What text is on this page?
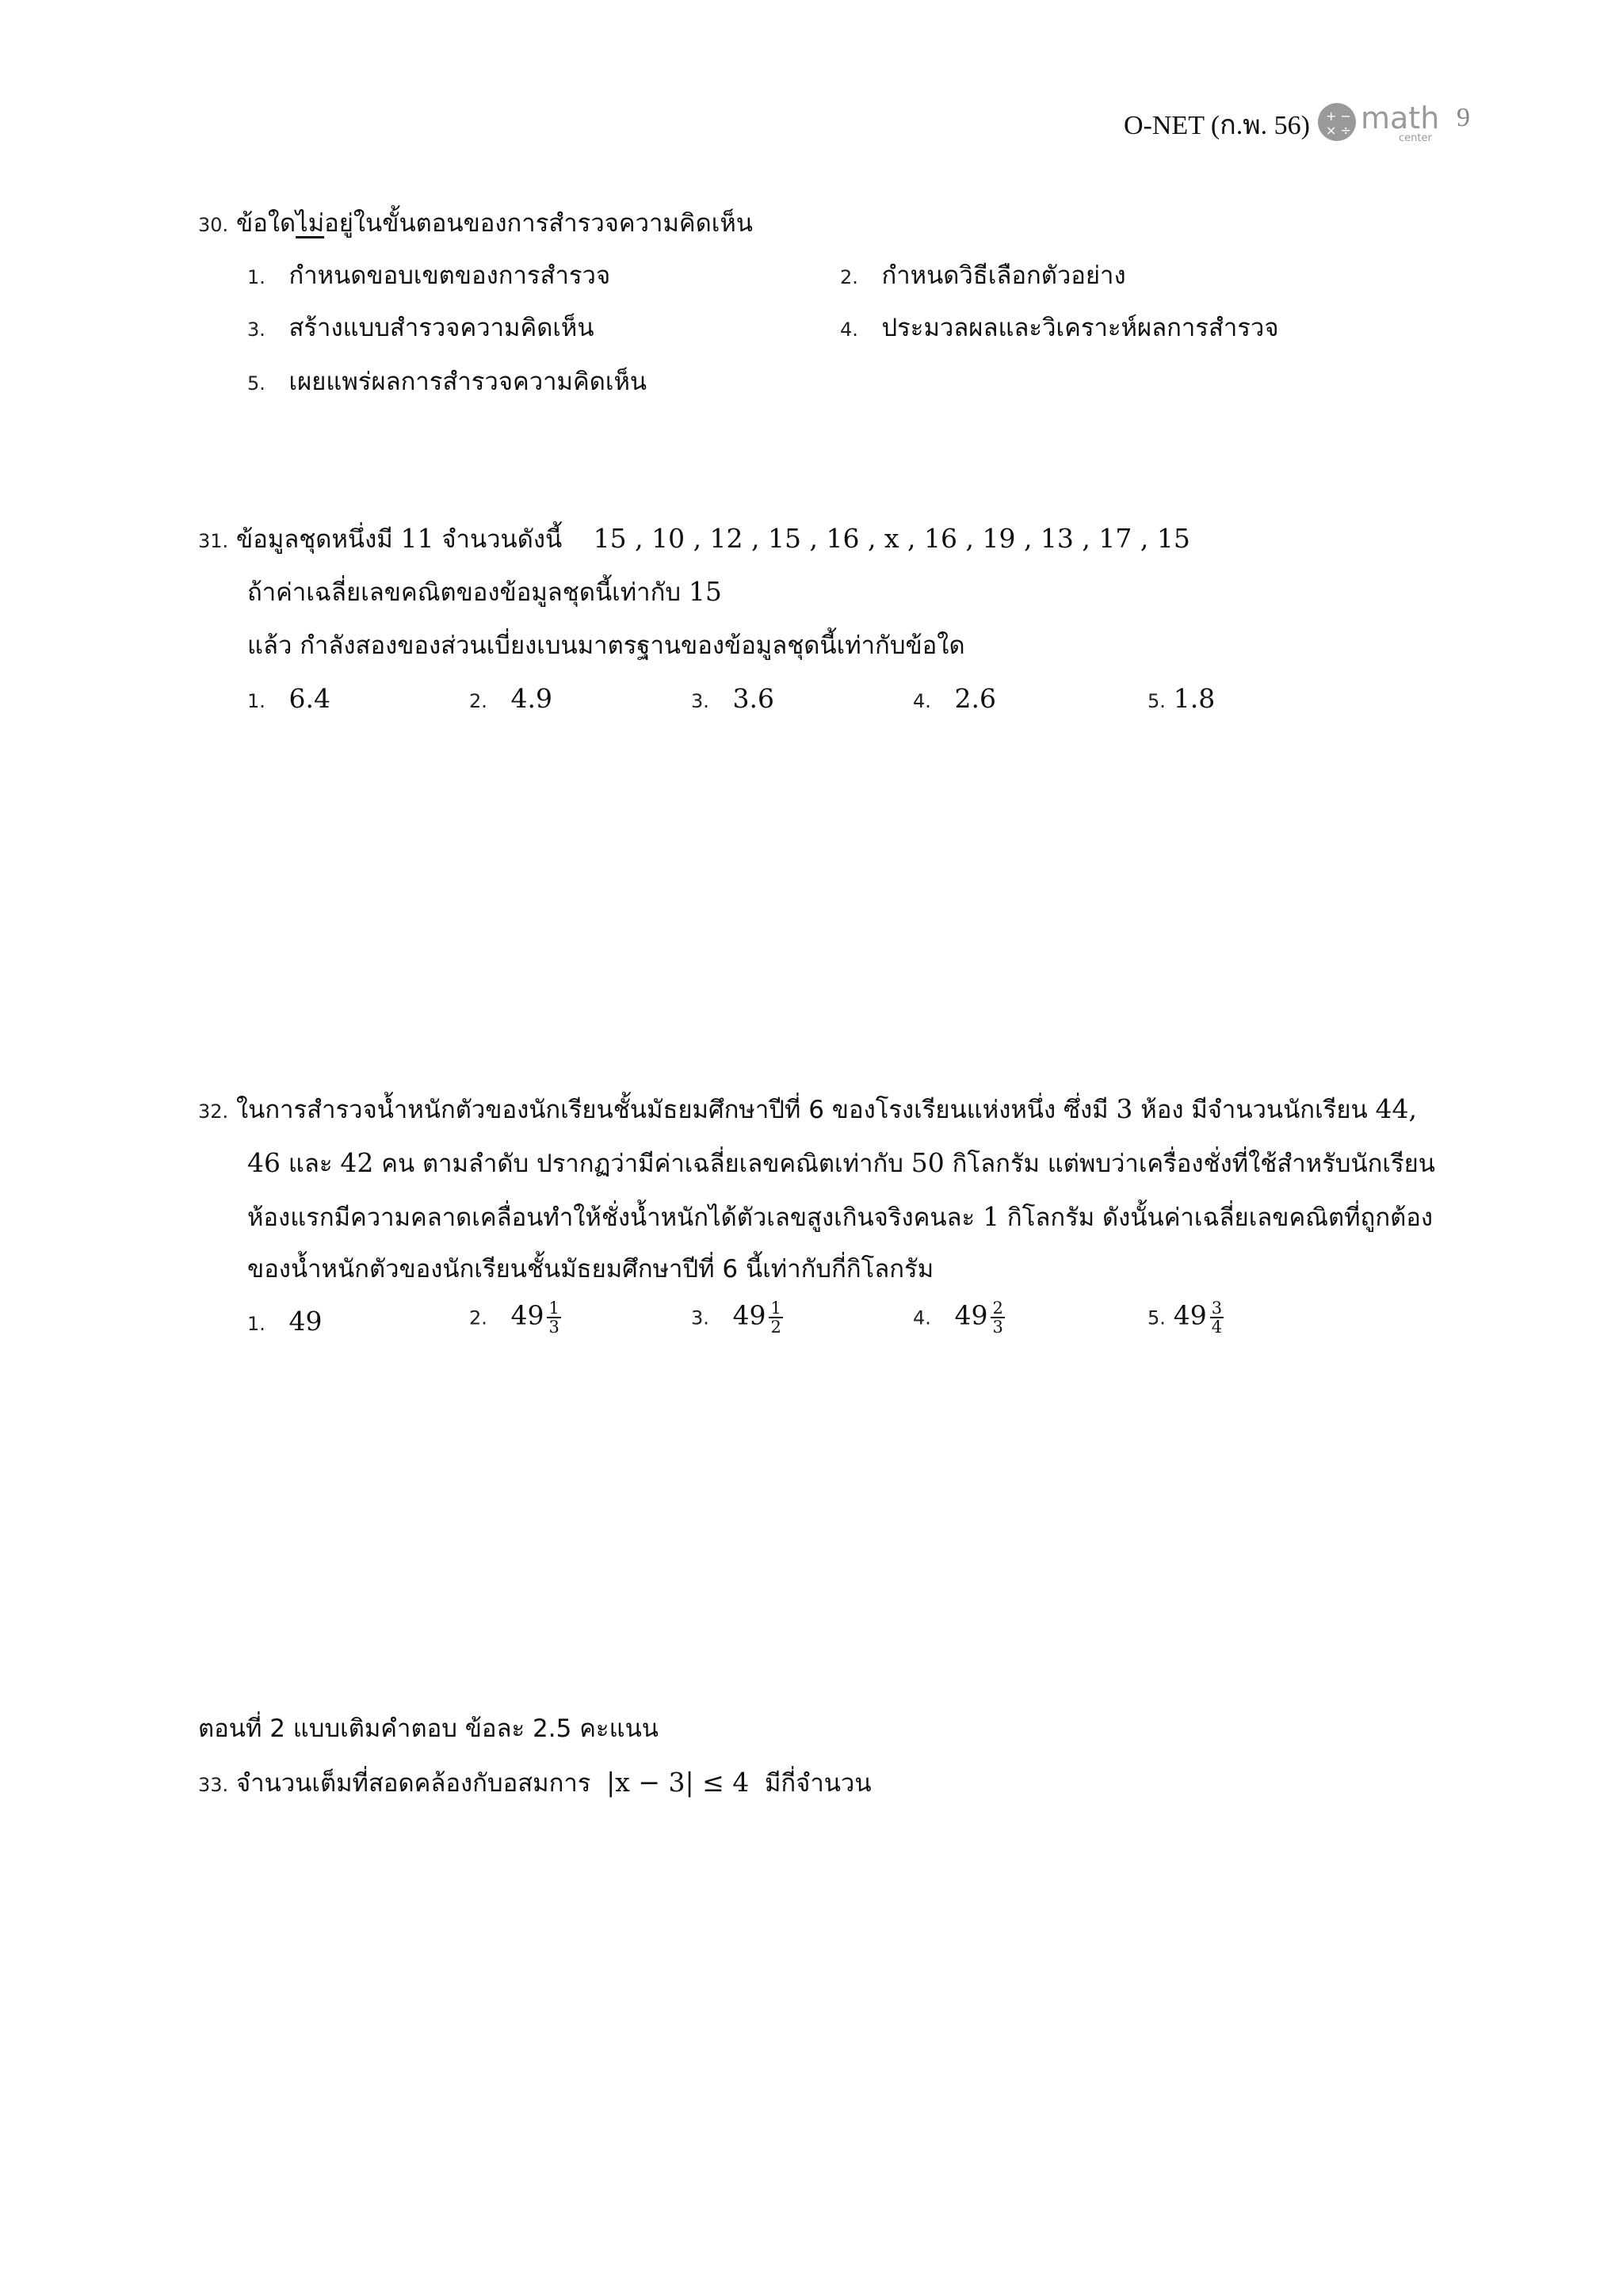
O-NET (ก.พ. 56) + −
× ÷ math
center
9
30. ข้อใดไม่อยู่ในขั้นตอนของการสำรวจความคิดเห็น
1. กำหนดขอบเขตของการสำรวจ	2. กำหนดวิธีเลือกตัวอย่าง
3. สร้างแบบสำรวจความคิดเห็น	4. ประมวลผลและวิเคราะห์ผลการสำรวจ
5. เผยแพร่ผลการสำรวจความคิดเห็น
31. ข้อมูลชุดหนึ่งมี 11 จำนวนดังนี้ 15 , 10 , 12 , 15 , 16 , x , 16 , 19 , 13 , 17 , 15
ถ้าค่าเฉลี่ยเลขคณิตของข้อมูลชุดนี้เท่ากับ 15
แล้ว กำลังสองของส่วนเบี่ยงเบนมาตรฐานของข้อมูลชุดนี้เท่ากับข้อใด
1. 6.4	2. 4.9	3. 3.6	4. 2.6	5. 1.8
32. ในการสำรวจน้ำหนักตัวของนักเรียนชั้นมัธยมศึกษาปีที่ 6 ของโรงเรียนแห่งหนึ่ง ซึ่งมี 3 ห้อง มีจำนวนนักเรียน 44,
46 และ 42 คน ตามลำดับ ปรากฏว่ามีค่าเฉลี่ยเลขคณิตเท่ากับ 50 กิโลกรัม แต่พบว่าเครื่องชั่งที่ใช้สำหรับนักเรียน
ห้องแรกมีความคลาดเคลื่อนทำให้ชั่งน้ำหนักได้ตัวเลขสูงเกินจริงคนละ 1 กิโลกรัม ดังนั้นค่าเฉลี่ยเลขคณิตที่ถูกต้อง
ของน้ำหนักตัวของนักเรียนชั้นมัธยมศึกษาปีที่ 6 นี้เท่ากับกี่กิโลกรัม
1. 49	2. $49 \frac{1}{3}$	3. $49 \frac{1}{2}$	4. $49 \frac{2}{3}$	5. $49 \frac{3}{4}$
ตอนที่ 2 แบบเติมคำตอบ ข้อละ 2.5 คะแนน
33. จำนวนเต็มที่สอดคล้องกับอสมการ |x − 3| ≤ 4 มีกี่จำนวน
